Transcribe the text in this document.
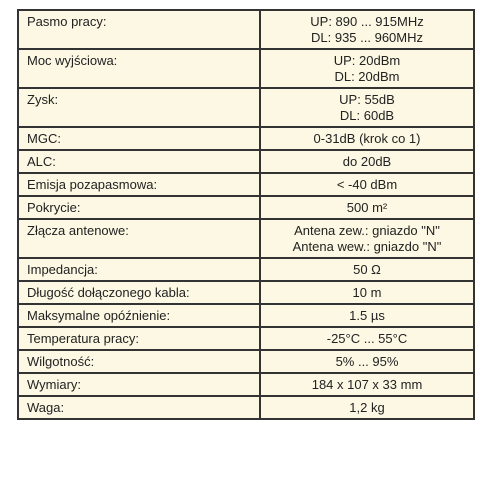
Pasmo pracy:	UP: 890 ... 915MHz
DL: 935 ... 960MHz

Moc wyjściowa:	UP: 20dBm
DL: 20dBm

Zysk:	UP: 55dB
DL: 60dB

MGC:	0-31dB (krok co 1)
ALC:	do 20dB
Emisja pozapasmowa:	< -40 dBm
Pokrycie:	500 m²
Złącza antenowe:	Antena zew.: gniazdo "N"
Antena wew.: gniazdo "N"

Impedancja:	50 Ω
Długość dołączonego kabla:	10 m
Maksymalne opóźnienie:	1.5 µs
Temperatura pracy:	-25°C ... 55°C
Wilgotność:	5% ... 95%
Wymiary:	184 x 107 x 33 mm
Waga:	1,2 kg
